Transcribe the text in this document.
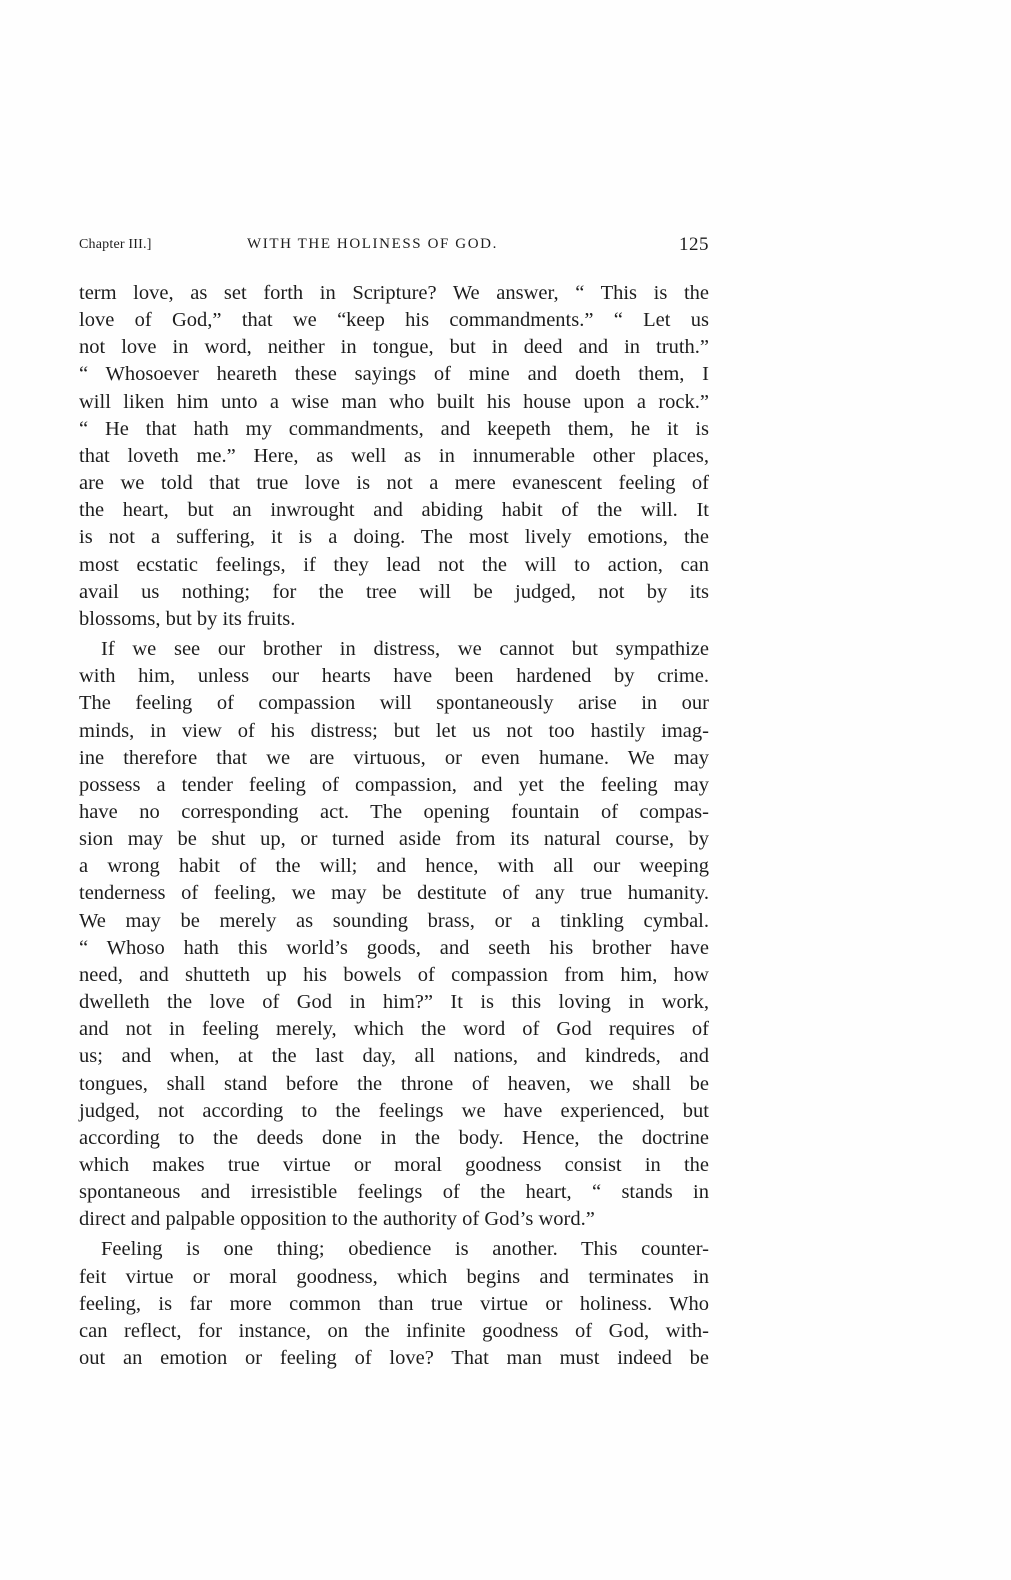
Chapter III.]	WITH THE HOLINESS OF GOD.	125
term love, as set forth in Scripture? We answer, “ This is the
love of God,” that we “keep his commandments.” “ Let us
not love in word, neither in tongue, but in deed and in truth.”
“ Whosoever heareth these sayings of mine and doeth them, I
will liken him unto a wise man who built his house upon a rock.”
“ He that hath my commandments, and keepeth them, he it is
that loveth me.” Here, as well as in innumerable other places,
are we told that true love is not a mere evanescent feeling of
the heart, but an inwrought and abiding habit of the will. It
is not a suffering, it is a doing. The most lively emotions, the
most ecstatic feelings, if they lead not the will to action, can
avail us nothing; for the tree will be judged, not by its
blossoms, but by its fruits.
If we see our brother in distress, we cannot but sympathize
with him, unless our hearts have been hardened by crime.
The feeling of compassion will spontaneously arise in our
minds, in view of his distress; but let us not too hastily imag-
ine therefore that we are virtuous, or even humane. We may
possess a tender feeling of compassion, and yet the feeling may
have no corresponding act. The opening fountain of compas-
sion may be shut up, or turned aside from its natural course, by
a wrong habit of the will; and hence, with all our weeping
tenderness of feeling, we may be destitute of any true humanity.
We may be merely as sounding brass, or a tinkling cymbal.
“ Whoso hath this world’s goods, and seeth his brother have
need, and shutteth up his bowels of compassion from him, how
dwelleth the love of God in him?” It is this loving in work,
and not in feeling merely, which the word of God requires of
us; and when, at the last day, all nations, and kindreds, and
tongues, shall stand before the throne of heaven, we shall be
judged, not according to the feelings we have experienced, but
according to the deeds done in the body. Hence, the doctrine
which makes true virtue or moral goodness consist in the
spontaneous and irresistible feelings of the heart, “ stands in
direct and palpable opposition to the authority of God’s word.”
Feeling is one thing; obedience is another. This counter-
feit virtue or moral goodness, which begins and terminates in
feeling, is far more common than true virtue or holiness. Who
can reflect, for instance, on the infinite goodness of God, with-
out an emotion or feeling of love? That man must indeed be
